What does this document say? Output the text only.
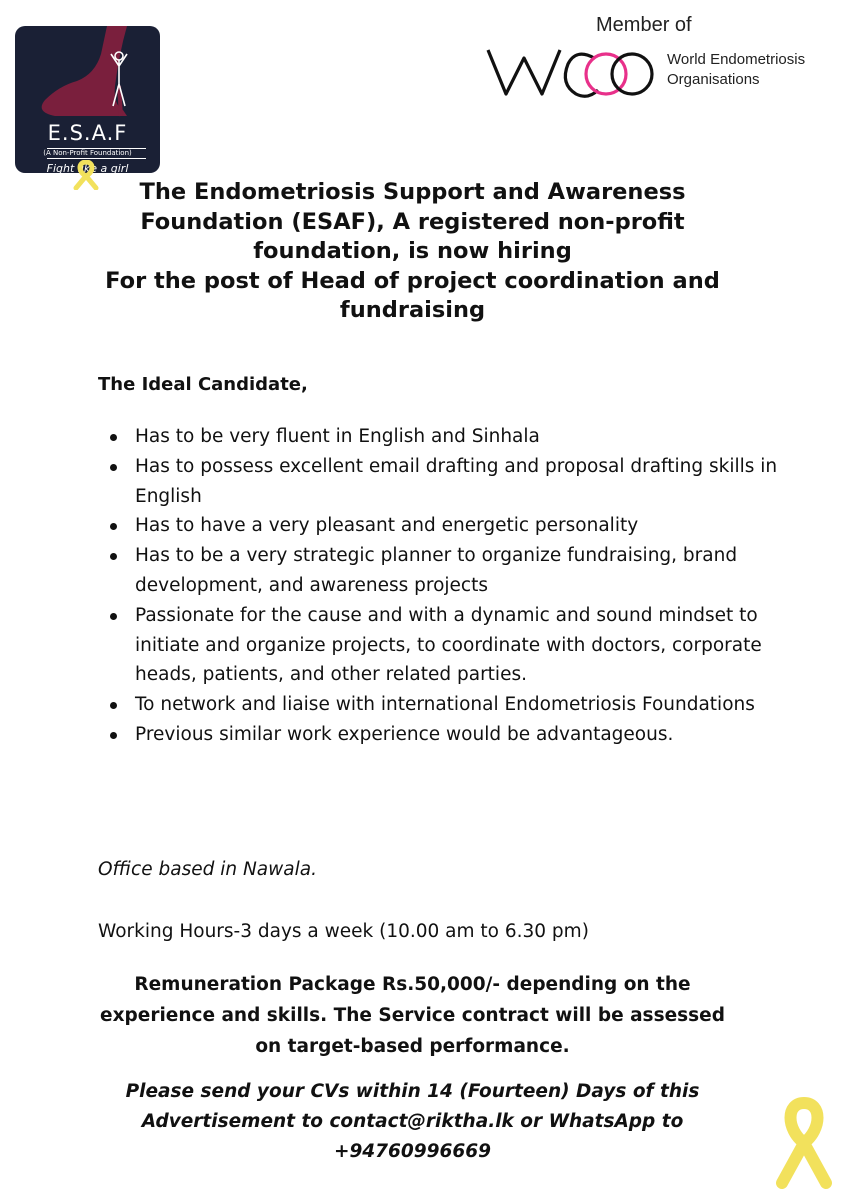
E.S.A.F
(A Non-Profit Foundation)
Fight like a girl
Member of
World Endometriosis
Organisations
The Endometriosis Support and Awareness
Foundation (ESAF), A registered non-profit
foundation, is now hiring
For the post of Head of project coordination and
fundraising

The Ideal Candidate,

Has to be very fluent in English and Sinhala
Has to possess excellent email drafting and proposal drafting skills in English
Has to have a very pleasant and energetic personality
Has to be a very strategic planner to organize fundraising, brand development, and awareness projects
Passionate for the cause and with a dynamic and sound mindset to initiate and organize projects, to coordinate with doctors, corporate heads, patients, and other related parties.
To network and liaise with international Endometriosis Foundations
Previous similar work experience would be advantageous.

Office based in Nawala.

Working Hours-3 days a week (10.00 am to 6.30 pm)

Remuneration Package Rs.50,000/- depending on the
experience and skills. The Service contract will be assessed
on target-based performance.

Please send your CVs within 14 (Fourteen) Days of this
Advertisement to contact@riktha.lk or WhatsApp to
+94760996669
